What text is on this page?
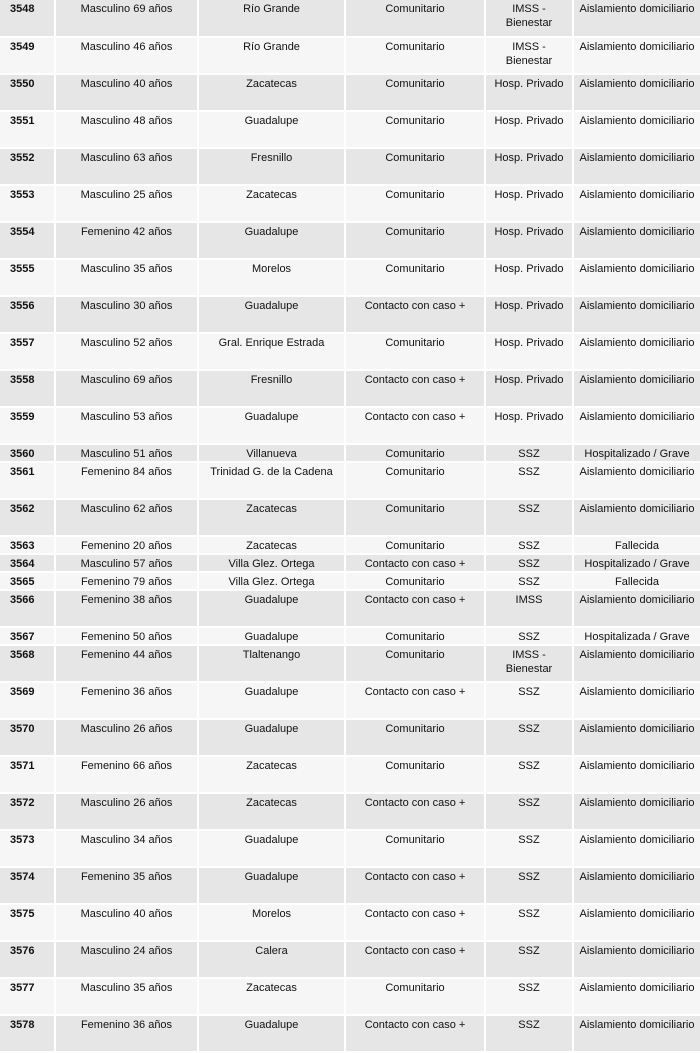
3548	Masculino 69 años	Río Grande	Comunitario	IMSS - Bienestar	Aislamiento domiciliario
3549	Masculino 46 años	Río Grande	Comunitario	IMSS - Bienestar	Aislamiento domiciliario
3550	Masculino 40 años	Zacatecas	Comunitario	Hosp. Privado	Aislamiento domiciliario
3551	Masculino 48 años	Guadalupe	Comunitario	Hosp. Privado	Aislamiento domiciliario
3552	Masculino 63 años	Fresnillo	Comunitario	Hosp. Privado	Aislamiento domiciliario
3553	Masculino 25 años	Zacatecas	Comunitario	Hosp. Privado	Aislamiento domiciliario
3554	Femenino 42 años	Guadalupe	Comunitario	Hosp. Privado	Aislamiento domiciliario
3555	Masculino 35 años	Morelos	Comunitario	Hosp. Privado	Aislamiento domiciliario
3556	Masculino 30 años	Guadalupe	Contacto con caso +	Hosp. Privado	Aislamiento domiciliario
3557	Masculino 52 años	Gral. Enrique Estrada	Comunitario	Hosp. Privado	Aislamiento domiciliario
3558	Masculino 69 años	Fresnillo	Contacto con caso +	Hosp. Privado	Aislamiento domiciliario
3559	Masculino 53 años	Guadalupe	Contacto con caso +	Hosp. Privado	Aislamiento domiciliario
3560	Masculino 51 años	Villanueva	Comunitario	SSZ	Hospitalizado / Grave
3561	Femenino 84 años	Trinidad G. de la Cadena	Comunitario	SSZ	Aislamiento domiciliario
3562	Masculino 62 años	Zacatecas	Comunitario	SSZ	Aislamiento domiciliario
3563	Femenino 20 años	Zacatecas	Comunitario	SSZ	Fallecida
3564	Masculino 57 años	Villa Glez. Ortega	Contacto con caso +	SSZ	Hospitalizado / Grave
3565	Femenino 79 años	Villa Glez. Ortega	Comunitario	SSZ	Fallecida
3566	Femenino 38 años	Guadalupe	Contacto con caso +	IMSS	Aislamiento domiciliario
3567	Femenino 50 años	Guadalupe	Comunitario	SSZ	Hospitalizada / Grave
3568	Femenino 44 años	Tlaltenango	Comunitario	IMSS - Bienestar	Aislamiento domiciliario
3569	Femenino 36 años	Guadalupe	Contacto con caso +	SSZ	Aislamiento domiciliario
3570	Masculino 26 años	Guadalupe	Comunitario	SSZ	Aislamiento domiciliario
3571	Femenino 66 años	Zacatecas	Comunitario	SSZ	Aislamiento domiciliario
3572	Masculino 26 años	Zacatecas	Contacto con caso +	SSZ	Aislamiento domiciliario
3573	Masculino 34 años	Guadalupe	Comunitario	SSZ	Aislamiento domiciliario
3574	Femenino 35 años	Guadalupe	Contacto con caso +	SSZ	Aislamiento domiciliario
3575	Masculino 40 años	Morelos	Contacto con caso +	SSZ	Aislamiento domiciliario
3576	Masculino 24 años	Calera	Contacto con caso +	SSZ	Aislamiento domiciliario
3577	Masculino 35 años	Zacatecas	Comunitario	SSZ	Aislamiento domiciliario
3578	Femenino 36 años	Guadalupe	Contacto con caso +	SSZ	Aislamiento domiciliario
